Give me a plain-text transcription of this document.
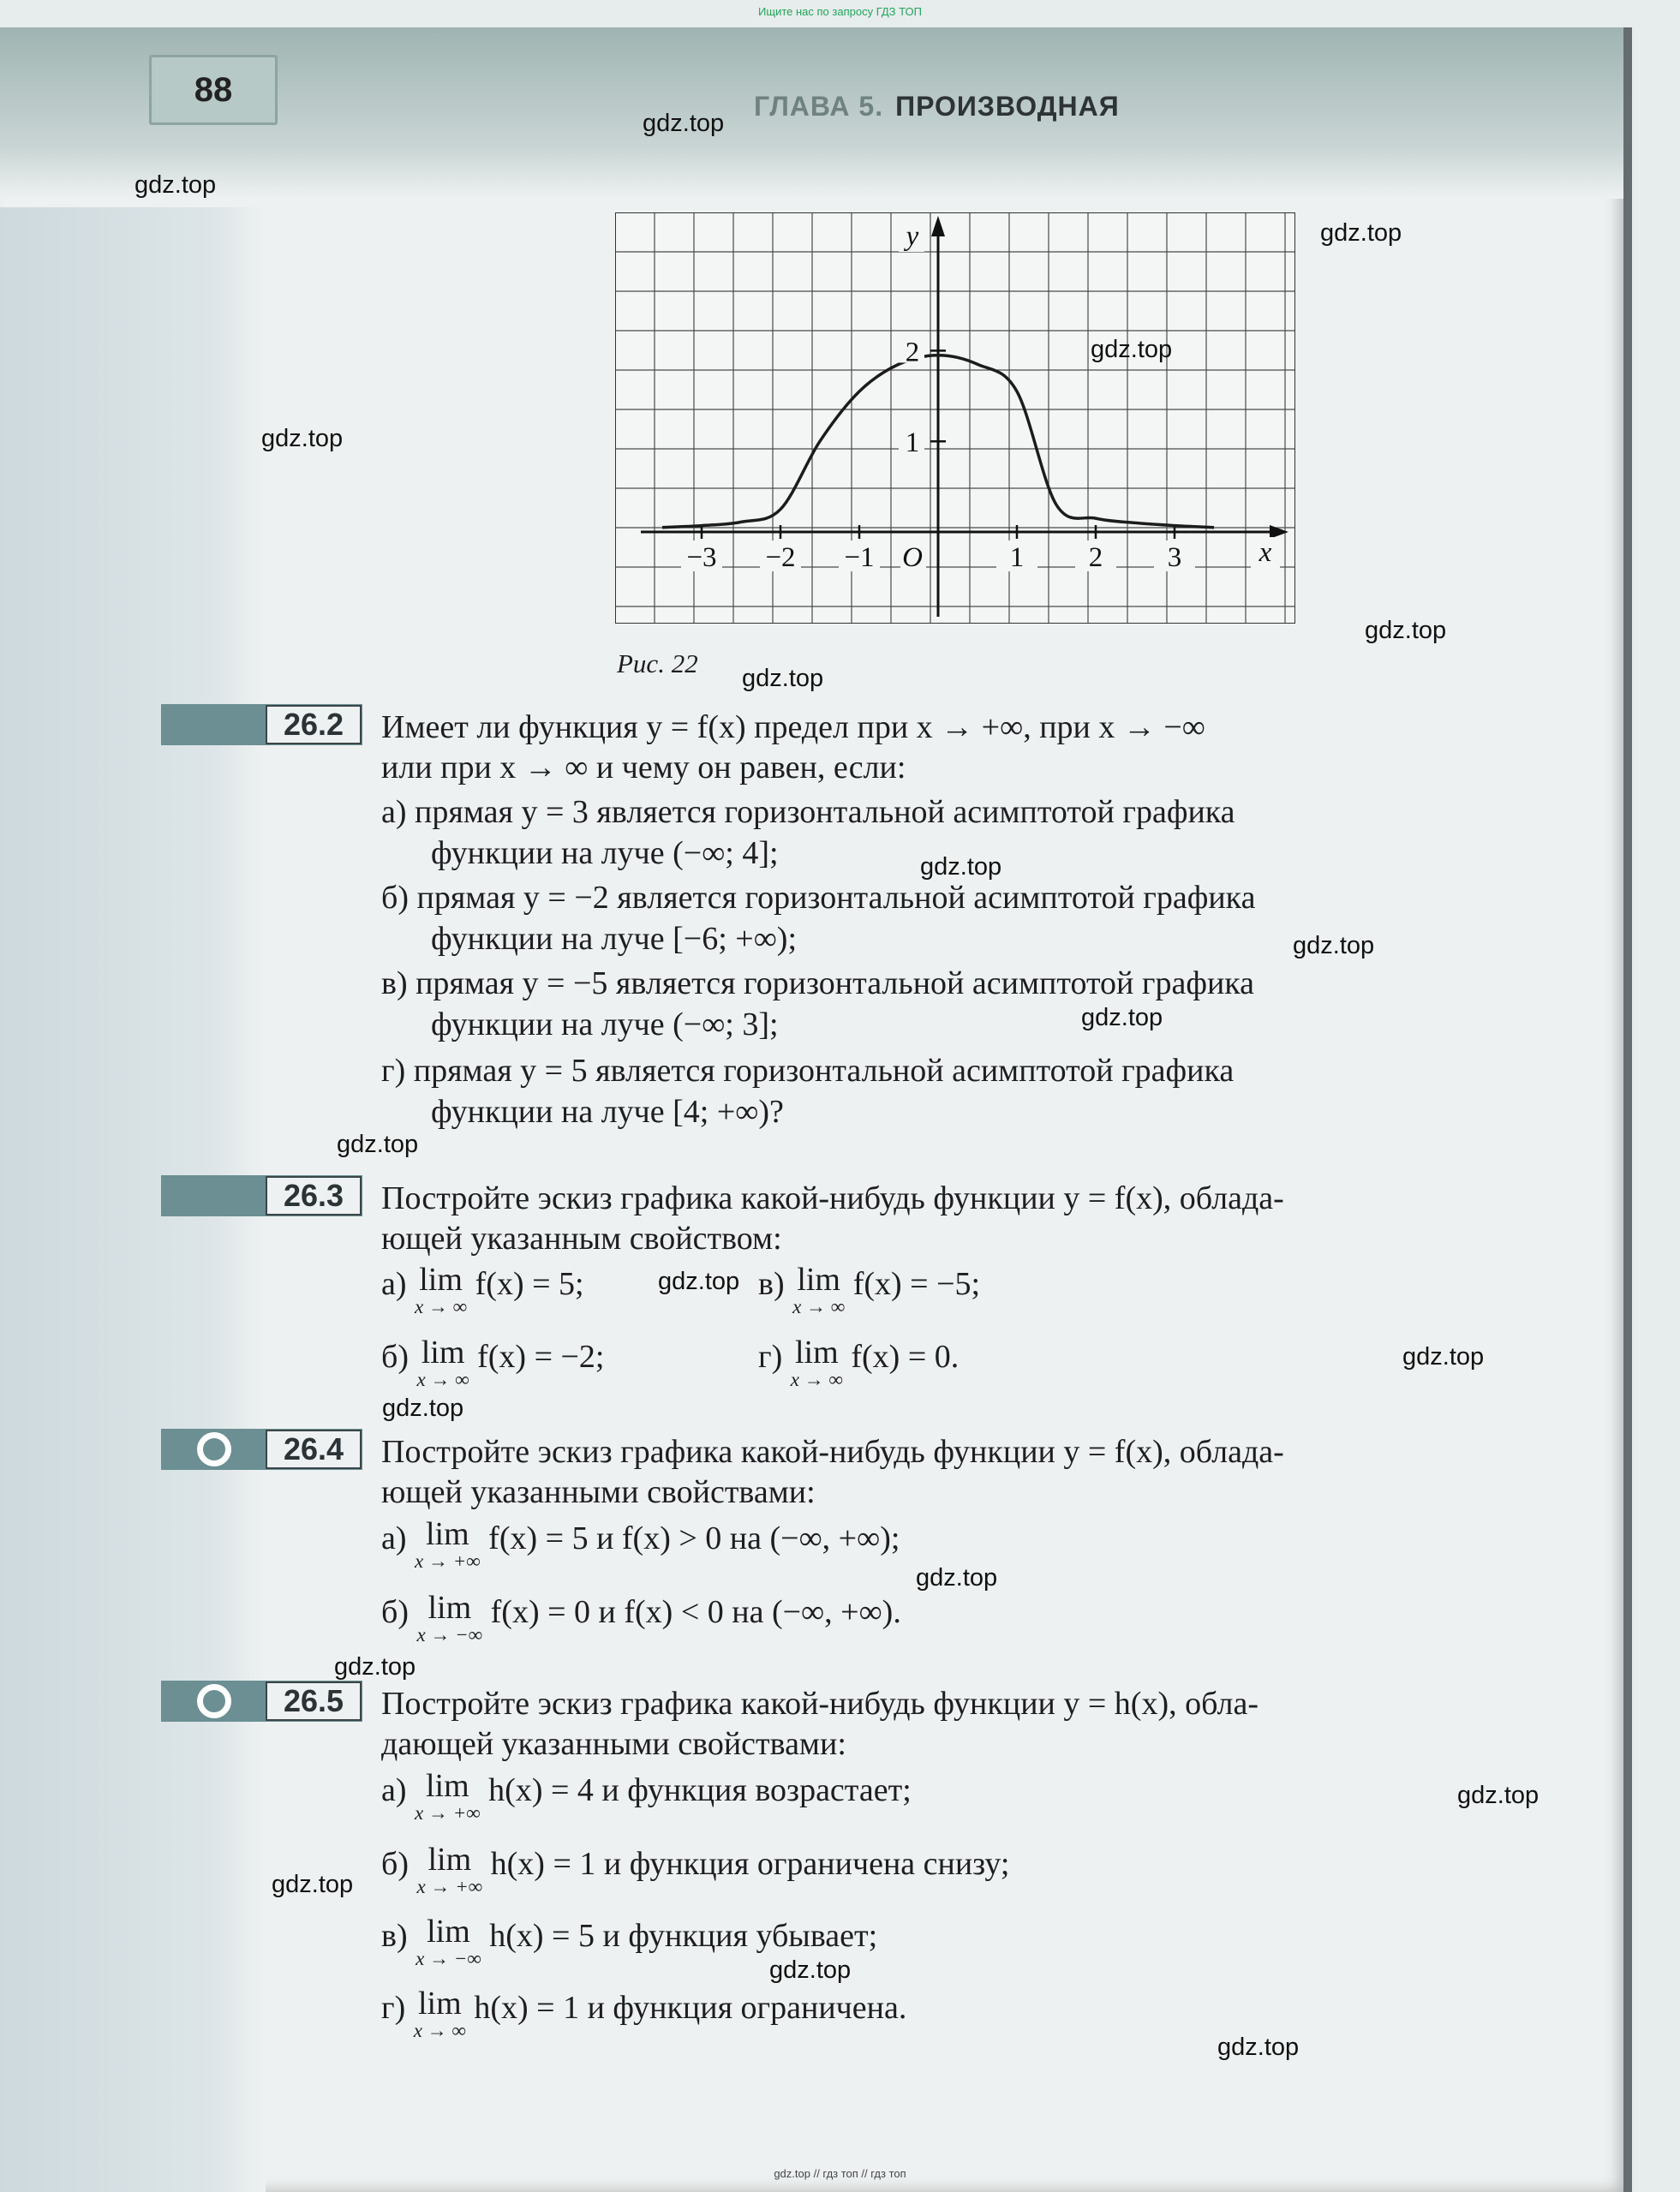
Ищите нас по запросу ГДЗ ТОП
88	ГЛАВА 5. ПРОИЗВОДНАЯ
−3 −2 −1	1 2 3
1
2
O
y
x
Рис. 22
26.2	Имеет ли функция y = f(x) предел при x → +∞, при x → −∞
или при x → ∞ и чему он равен, если:
а) прямая y = 3 является горизонтальной асимптотой графика
функции на луче (−∞; 4];
б) прямая y = −2 является горизонтальной асимптотой графика
функции на луче [−6; +∞);
в) прямая y = −5 является горизонтальной асимптотой графика
функции на луче (−∞; 3];
г) прямая y = 5 является горизонтальной асимптотой графика
функции на луче [4; +∞)?
26.3	Постройте эскиз графика какой-нибудь функции y = f(x), облада-
ющей указанным свойством:
а) lim
x → ∞
f(x) = 5;	в) lim
x → ∞
f(x) = −5;
б) lim
x → ∞
f(x) = −2;	г) lim
x → ∞
f(x) = 0.
26.4	Постройте эскиз графика какой-нибудь функции y = f(x), облада-
ющей указанными свойствами:
а) lim
x → +∞
f(x) = 5 и f(x) > 0 на (−∞, +∞);
б) lim
x → −∞
f(x) = 0 и f(x) < 0 на (−∞, +∞).
26.5	Постройте эскиз графика какой-нибудь функции y = h(x), обла-
дающей указанными свойствами:
а) lim
x → +∞
h(x) = 4 и функция возрастает;
б) lim
x → +∞
h(x) = 1 и функция ограничена снизу;
в) lim
x → −∞
h(x) = 5 и функция убывает;
г) lim
x → ∞
h(x) = 1 и функция ограничена.
gdz.top
gdz.top
gdz.top
gdz.top
gdz.top
gdz.top
gdz.top
gdz.top
gdz.top
gdz.top
gdz.top
gdz.top
gdz.top
gdz.top
gdz.top
gdz.top
gdz.top
gdz.top
gdz.top
gdz.top
gdz.top // гдз топ // гдз топ
